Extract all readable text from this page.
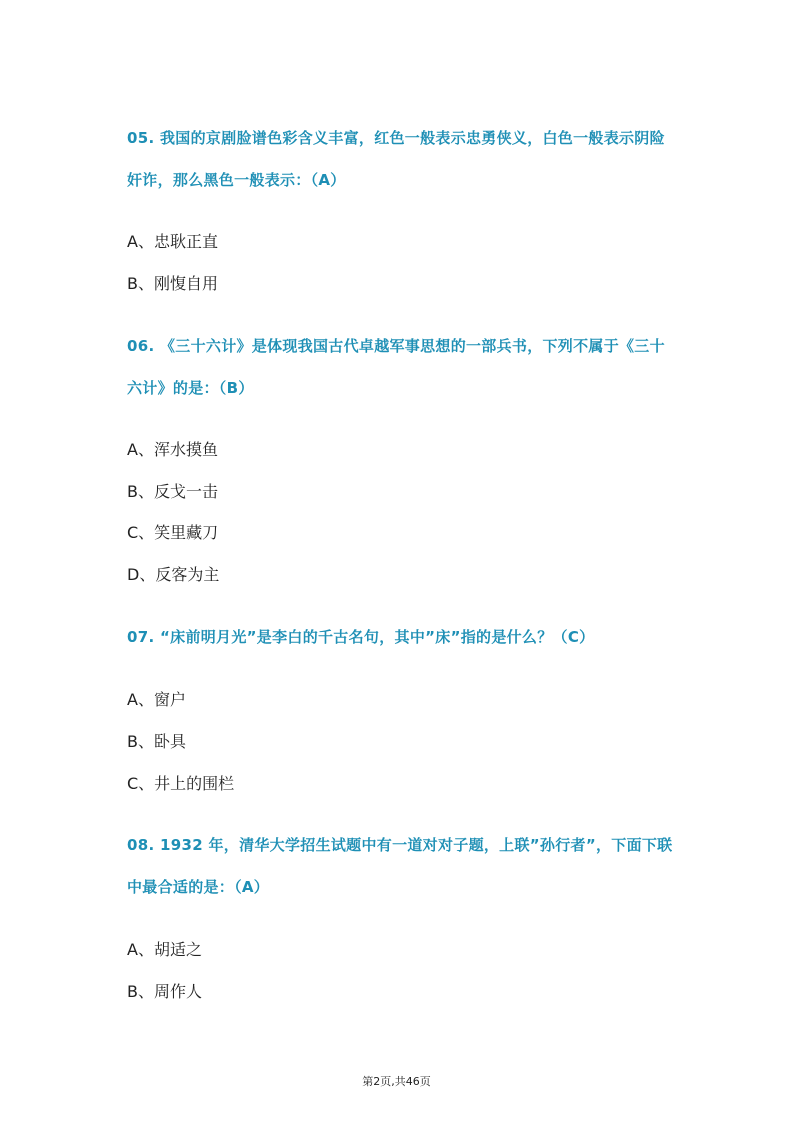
05. 我国的京剧脸谱色彩含义丰富，红色一般表示忠勇侠义，白色一般表示阴险奸诈，那么黑色一般表示：（A）
A、忠耿正直
B、刚愎自用
06. 《三十六计》是体现我国古代卓越军事思想的一部兵书，下列不属于《三十六计》的是：（B）
A、浑水摸鱼
B、反戈一击
C、笑里藏刀
D、反客为主
07. “床前明月光”是李白的千古名句，其中”床”指的是什么？（C）
A、窗户
B、卧具
C、井上的围栏
08. 1932 年，清华大学招生试题中有一道对对子题，上联”孙行者”，下面下联中最合适的是：（A）
A、胡适之
B、周作人
第2页,共46页
